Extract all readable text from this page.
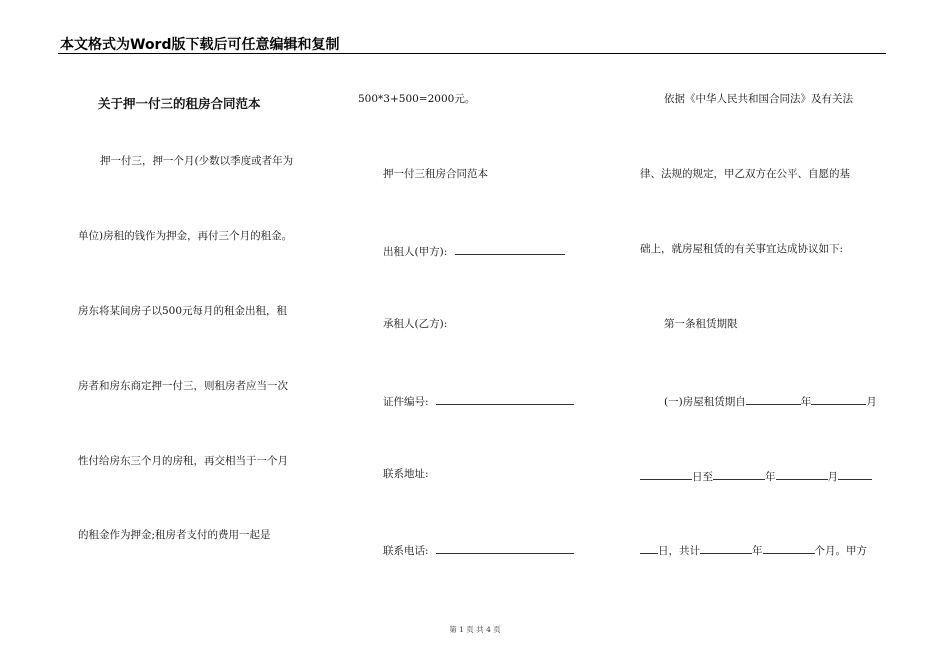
本文格式为Word版下载后可任意编辑和复制
关于押一付三的租房合同范本
押一付三，押一个月(少数以季度或者年为
单位)房租的钱作为押金，再付三个月的租金。
房东将某间房子以500元每月的租金出租，租
房者和房东商定押一付三，则租房者应当一次
性付给房东三个月的房租，再交相当于一个月
的租金作为押金;租房者支付的费用一起是
500*3+500=2000元。
押一付三租房合同范本
出租人(甲方):
承租人(乙方):
证件编号:
联系地址:
联系电话:
依据《中华人民共和国合同法》及有关法
律、法规的规定，甲乙双方在公平、自愿的基
础上，就房屋租赁的有关事宜达成协议如下:
第一条租赁期限
(一)房屋租赁期自	年	月
日至	年	月
日，共计	年	个月。甲方
第 1 页 共 4 页
